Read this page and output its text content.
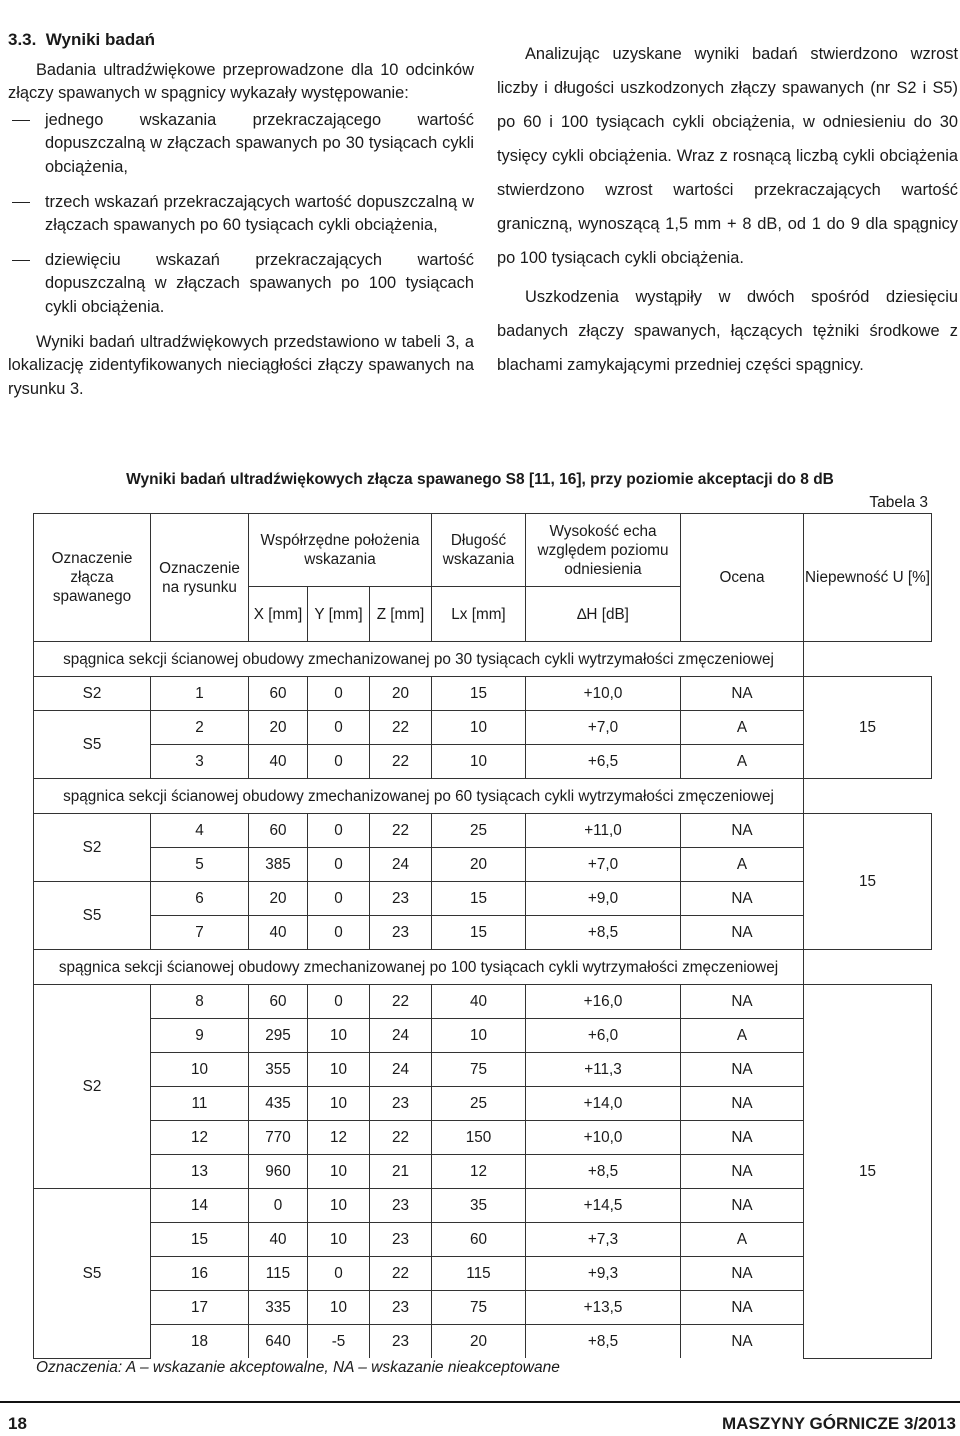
3.3.  Wyniki badań

Badania ultradźwiękowe przeprowadzone dla 10 odcinków złączy spawanych w spągnicy wykazały występowanie:

jednego wskazania przekraczającego wartość dopuszczalną w złączach spawanych po 30 tysiącach cykli obciążenia,
trzech wskazań przekraczających wartość dopuszczalną w złączach spawanych po 60 tysiącach cykli obciążenia,
dziewięciu wskazań przekraczających wartość dopuszczalną w złączach spawanych po 100 tysiącach cykli obciążenia.

Wyniki badań ultradźwiękowych przedstawiono w tabeli 3, a lokalizację zidentyfikowanych nieciągłości złączy spawanych na rysunku 3.

Analizując uzyskane wyniki badań stwierdzono wzrost liczby i długości uszkodzonych złączy spawanych (nr S2 i S5) po 60 i 100 tysiącach cykli obciążenia, w odniesieniu do 30 tysięcy cykli obciążenia. Wraz z rosnącą liczbą cykli obciążenia stwierdzono wzrost wartości przekraczających wartość graniczną, wynoszącą 1,5 mm + 8 dB, od 1 do 9 dla spągnicy po 100 tysiącach cykli obciążenia.

Uszkodzenia wystąpiły w dwóch spośród dziesięciu badanych złączy spawanych, łączących tężniki środkowe z blachami zamykającymi przedniej części spągnicy.

Wyniki badań ultradźwiękowych złącza spawanego S8 [11, 16], przy poziomie akceptacji do 8 dB
Tabela 3
Oznaczenie złącza spawanego	Oznaczenie na rysunku	Współrzędne położenia wskazania			Długość wskazania	Wysokość echa względem poziomu odniesienia	Ocena	Niepewność U [%]
		X [mm]	Y [mm]	Z [mm]	Lx [mm]	∆H [dB]		
spągnica sekcji ścianowej obudowy zmechanizowanej po 30 tysiącach cykli wytrzymałości zmęczeniowej								
S2	1	60	0	20	15	+10,0	NA	15
S5	2	20	0	22	10	+7,0	A	
	3	40	0	22	10	+6,5	A	
spągnica sekcji ścianowej obudowy zmechanizowanej po 60 tysiącach cykli wytrzymałości zmęczeniowej								
S2	4	60	0	22	25	+11,0	NA	15
	5	385	0	24	20	+7,0	A	
S5	6	20	0	23	15	+9,0	NA	
	7	40	0	23	15	+8,5	NA	
spągnica sekcji ścianowej obudowy zmechanizowanej po 100 tysiącach cykli wytrzymałości zmęczeniowej								
S2	8	60	0	22	40	+16,0	NA	15
	9	295	10	24	10	+6,0	A	
	10	355	10	24	75	+11,3	NA	
	11	435	10	23	25	+14,0	NA	
	12	770	12	22	150	+10,0	NA	
	13	960	10	21	12	+8,5	NA	
S5	14	0	10	23	35	+14,5	NA	
	15	40	10	23	60	+7,3	A	
	16	115	0	22	115	+9,3	NA	
	17	335	10	23	75	+13,5	NA	
	18	640	-5	23	20	+8,5	NA	
Oznaczenia: A – wskazanie akceptowalne, NA – wskazanie nieakceptowane
18	MASZYNY GÓRNICZE 3/2013
